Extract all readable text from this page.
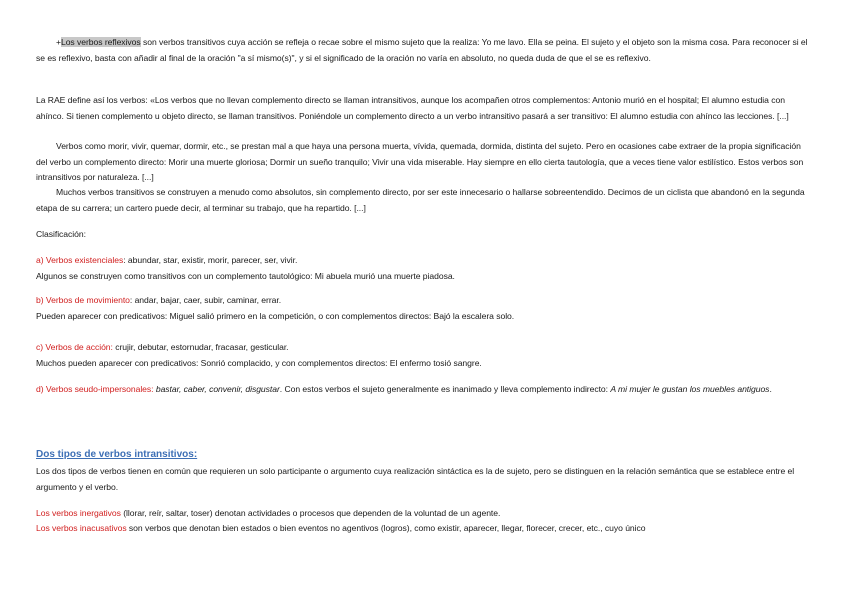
+Los verbos reflexivos son verbos transitivos cuya acción se refleja o recae sobre el mismo sujeto que la realiza: Yo me lavo. Ella se peina. El sujeto y el objeto son la misma cosa. Para reconocer si el se es reflexivo, basta con añadir al final de la oración "a sí mismo(s)", y si el significado de la oración no varía en absoluto, no queda duda de que el se es reflexivo.

La RAE define así los verbos: «Los verbos que no llevan complemento directo se llaman intransitivos, aunque los acompañen otros complementos: Antonio murió en el hospital; El alumno estudia con ahínco. Si tienen complemento u objeto directo, se llaman transitivos. Poniéndole un complemento directo a un verbo intransitivo pasará a ser transitivo: El alumno estudia con ahínco las lecciones. [...]

Verbos como morir, vivir, quemar, dormir, etc., se prestan mal a que haya una persona muerta, vívida, quemada, dormida, distinta del sujeto. Pero en ocasiones cabe extraer de la propia significación del verbo un complemento directo: Morir una muerte gloriosa; Dormir un sueño tranquilo; Vivir una vida miserable. Hay siempre en ello cierta tautología, que a veces tiene valor estilístico. Estos verbos son intransitivos por naturaleza. [...]

Muchos verbos transitivos se construyen a menudo como absolutos, sin complemento directo, por ser este innecesario o hallarse sobreentendido. Decimos de un ciclista que abandonó en la segunda etapa de su carrera; un cartero puede decir, al terminar su trabajo, que ha repartido. [...]

Clasificación:

a) Verbos existenciales: abundar, star, existir, morir, parecer, ser, vivir.
Algunos se construyen como transitivos con un complemento tautológico: Mi abuela murió una muerte piadosa.

b) Verbos de movimiento: andar, bajar, caer, subir, caminar, errar.
Pueden aparecer con predicativos: Miguel salió primero en la competición, o con complementos directos: Bajó la escalera solo.

c) Verbos de acción: crujir, debutar, estornudar, fracasar, gesticular.
Muchos pueden aparecer con predicativos: Sonrió complacido, y con complementos directos: El enfermo tosió sangre.

d) Verbos seudo-impersonales: bastar, caber, convenir, disgustar. Con estos verbos el sujeto generalmente es inanimado y lleva complemento indirecto: A mi mujer le gustan los muebles antiguos.

Dos tipos de verbos intransitivos:

Los dos tipos de verbos tienen en común que requieren un solo participante o argumento cuya realización sintáctica es la de sujeto, pero se distinguen en la relación semántica que se establece entre el argumento y el verbo.

Los verbos inergativos (llorar, reír, saltar, toser) denotan actividades o procesos que dependen de la voluntad de un agente.

Los verbos inacusativos son verbos que denotan bien estados o bien eventos no agentivos (logros), como existir, aparecer, llegar, florecer, crecer, etc., cuyo único
